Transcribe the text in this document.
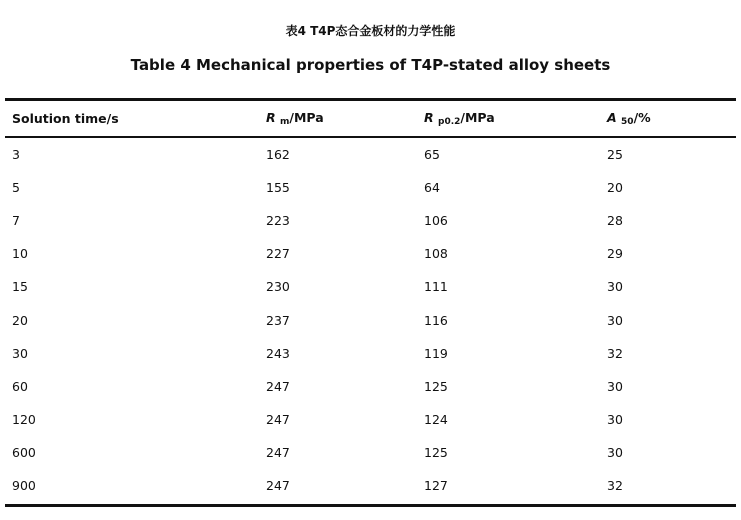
表4 T4P态合金板材的力学性能
Table 4 Mechanical properties of T4P-stated alloy sheets
Solution time/s	R $_m$/MPa	R $_{p0.2}$/MPa	A $_{50}$/%
3	162	65	25
5	155	64	20
7	223	106	28
10	227	108	29
15	230	111	30
20	237	116	30
30	243	119	32
60	247	125	30
120	247	124	30
600	247	125	30
900	247	127	32
